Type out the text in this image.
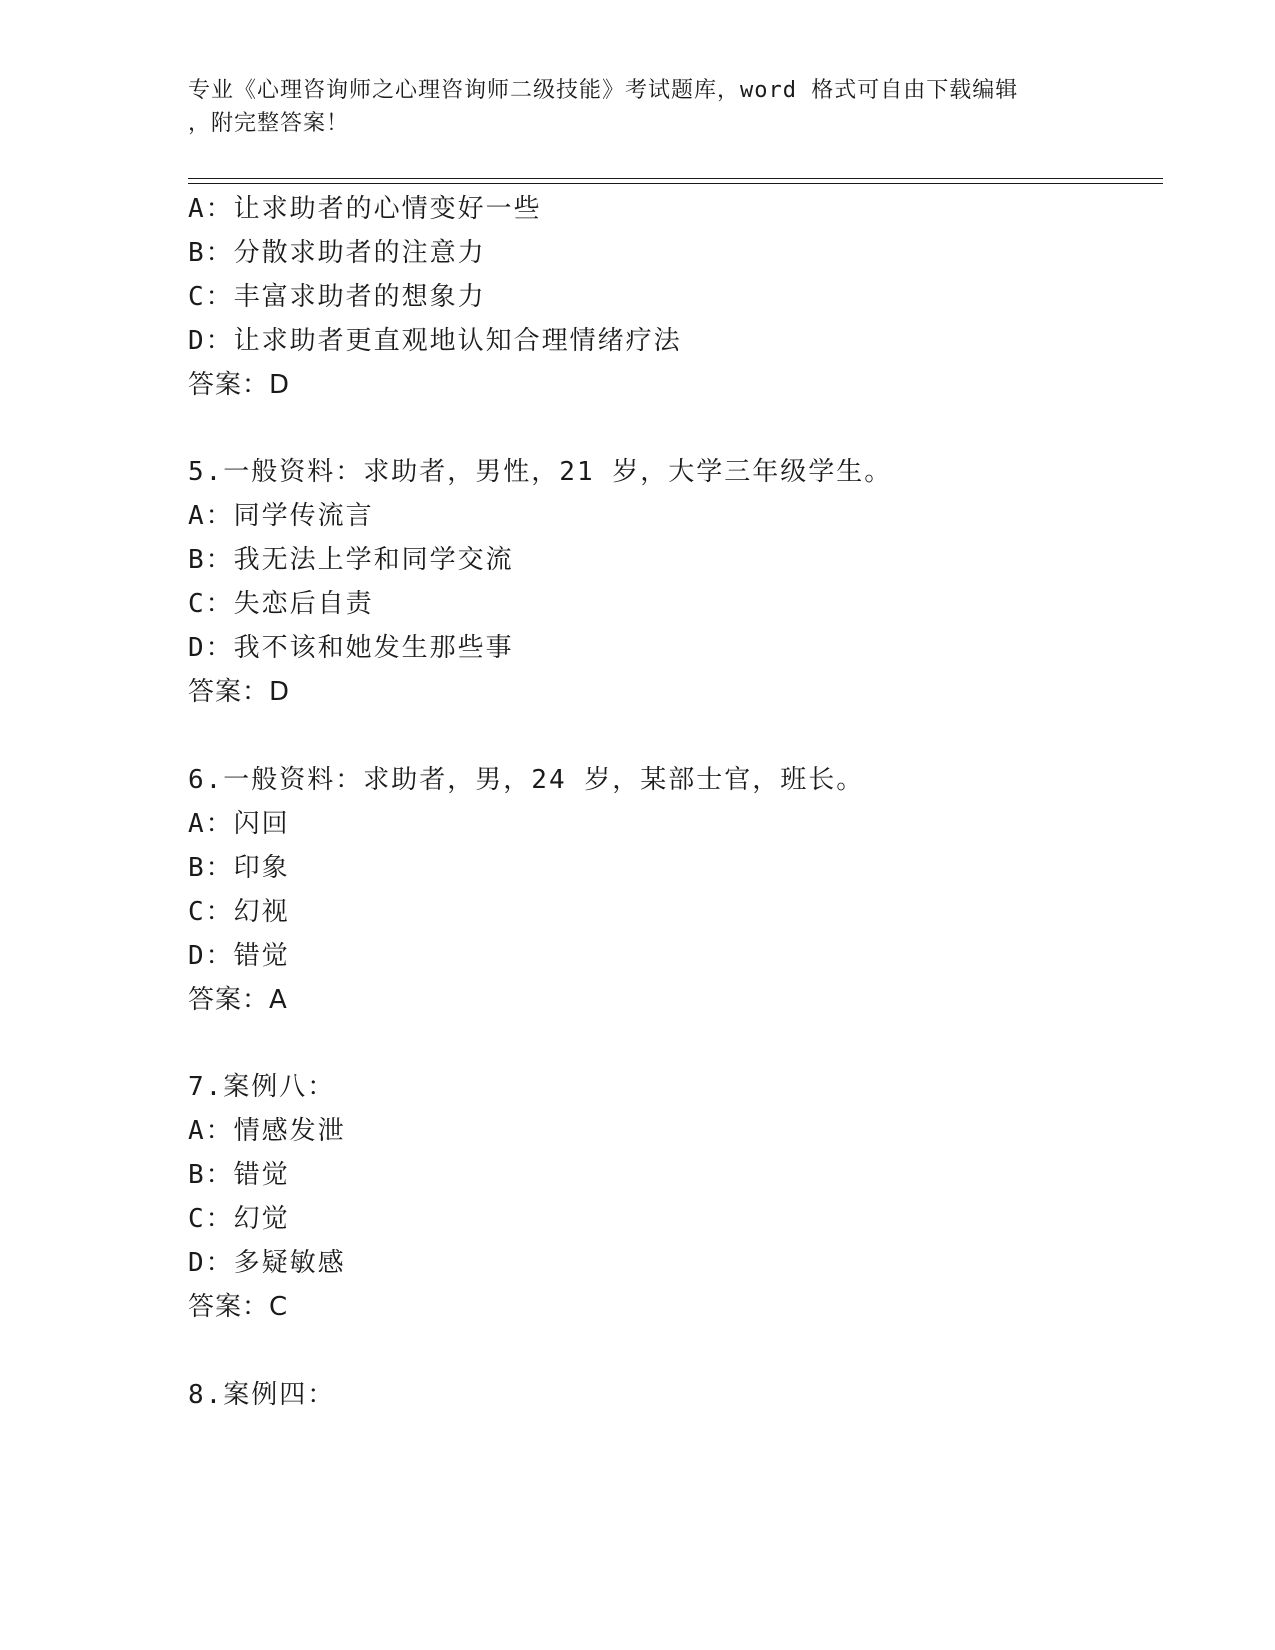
专业《心理咨询师之心理咨询师二级技能》考试题库，word 格式可自由下载编辑
，附完整答案！
A：让求助者的心情变好一些
B：分散求助者的注意力
C：丰富求助者的想象力
D：让求助者更直观地认知合理情绪疗法
答案：D
5.一般资料：求助者，男性，21 岁，大学三年级学生。
A：同学传流言
B：我无法上学和同学交流
C：失恋后自责
D：我不该和她发生那些事
答案：D
6.一般资料：求助者，男，24 岁，某部士官，班长。
A：闪回
B：印象
C：幻视
D：错觉
答案：A
7.案例八：
A：情感发泄
B：错觉
C：幻觉
D：多疑敏感
答案：C
8.案例四：
